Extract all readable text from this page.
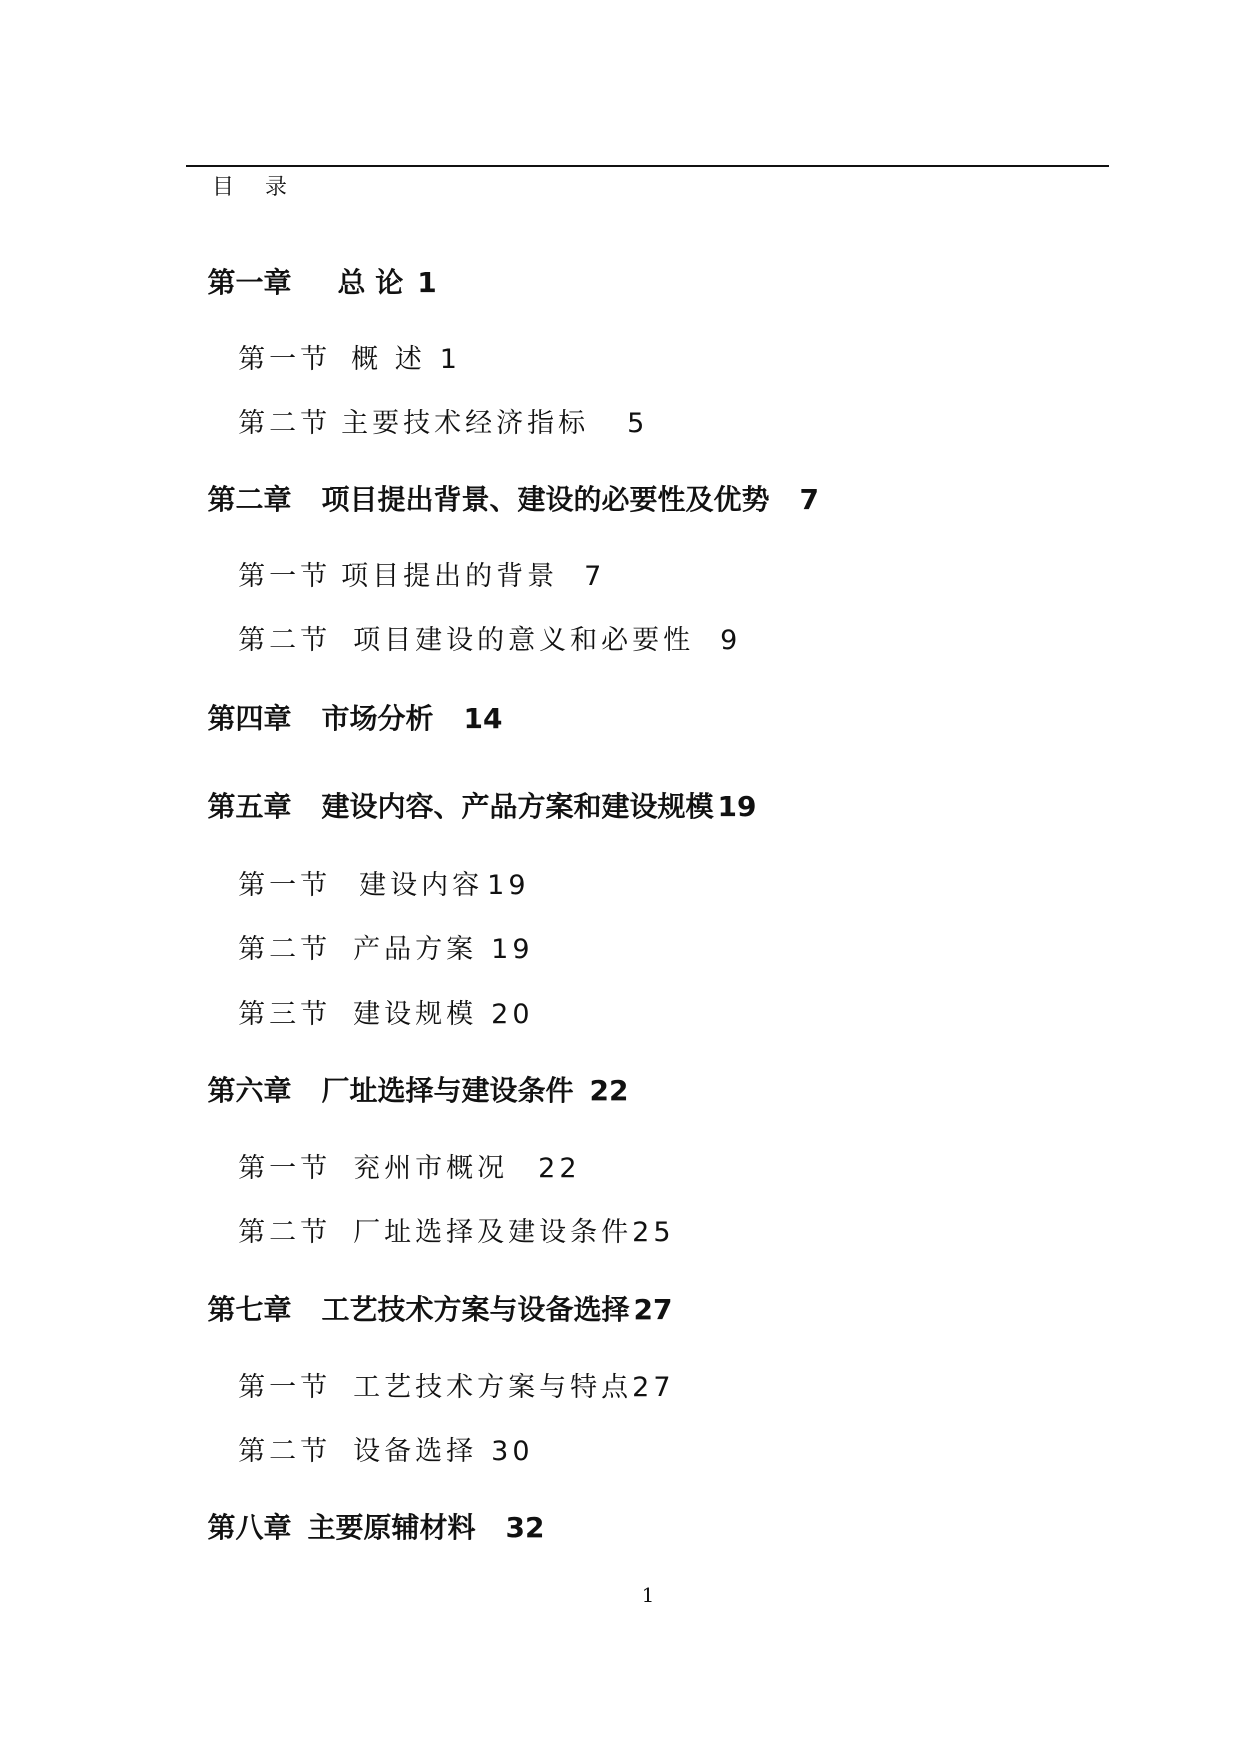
目 录

第一章 总 论 1

第一节 概 述 1

第二节 主要技术经济指标 5

第二章 项目提出背景、建设的必要性及优势 7

第一节 项目提出的背景 7

第二节 项目建设的意义和必要性 9

第四章 市场分析 14

第五章 建设内容、产品方案和建设规模 19

第一节 建设内容 19

第二节 产品方案 19

第三节 建设规模 20

第六章 厂址选择与建设条件 22

第一节 兖州市概况 22

第二节 厂址选择及建设条件25

第七章 工艺技术方案与设备选择 27

第一节 工艺技术方案与特点27

第二节 设备选择 30

第八章 主要原辅材料 32

1
